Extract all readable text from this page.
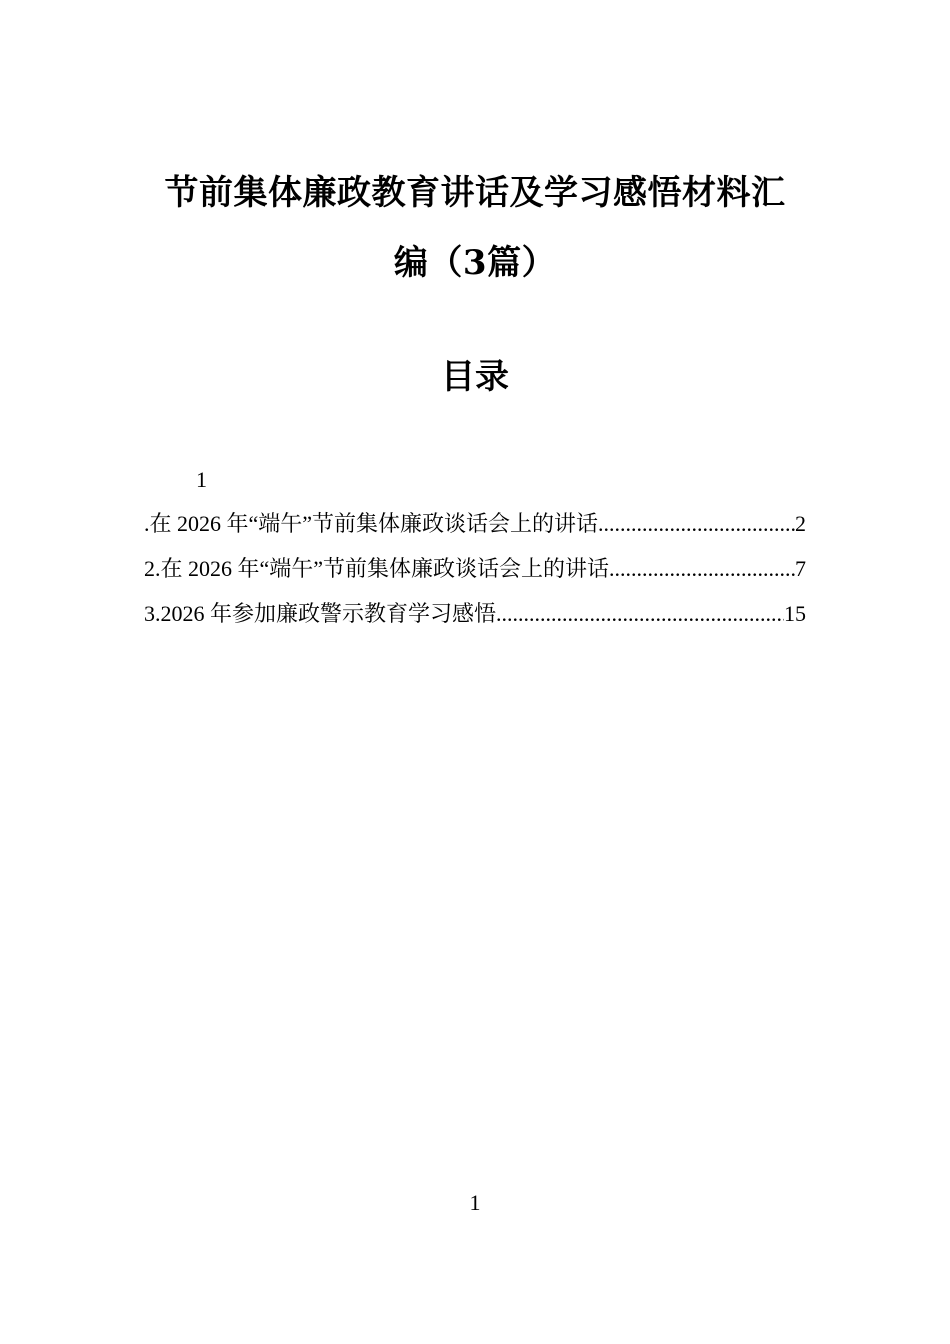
节前集体廉政教育讲话及学习感悟材料汇
编（3篇）
目录
1
.在 2026 年“端午”节前集体廉政谈话会上的讲话 .....	2
2.在 2026 年“端午”节前集体廉政谈话会上的讲话 .....	7
3.2026 年参加廉政警示教育学习感悟 .....	15
1
